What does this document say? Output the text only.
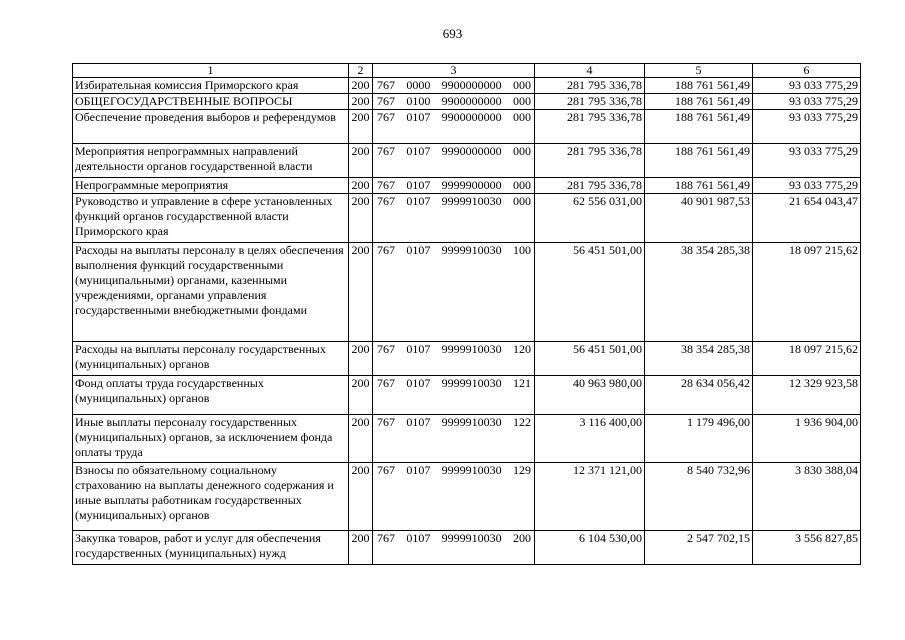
693
1	2	3	4	5	6
Избирательная комиссия Приморского края	200	767 0000 9900000000 000	281 795 336,78	188 761 561,49	93 033 775,29
ОБЩЕГОСУДАРСТВЕННЫЕ ВОПРОСЫ	200	767 0100 9900000000 000	281 795 336,78	188 761 561,49	93 033 775,29
Обеспечение проведения выборов и референдумов	200	767 0107 9900000000 000	281 795 336,78	188 761 561,49	93 033 775,29
Мероприятия непрограммных направлений деятельности органов государственной власти	200	767 0107 9990000000 000	281 795 336,78	188 761 561,49	93 033 775,29
Непрограммные мероприятия	200	767 0107 9999900000 000	281 795 336,78	188 761 561,49	93 033 775,29
Руководство и управление в сфере установленных функций органов государственной власти Приморского края	200	767 0107 9999910030 000	62 556 031,00	40 901 987,53	21 654 043,47
Расходы на выплаты персоналу в целях обеспечения выполнения функций государственными (муниципальными) органами, казенными учреждениями, органами управления государственными внебюджетными фондами	200	767 0107 9999910030 100	56 451 501,00	38 354 285,38	18 097 215,62
Расходы на выплаты персоналу государственных (муниципальных) органов	200	767 0107 9999910030 120	56 451 501,00	38 354 285,38	18 097 215,62
Фонд оплаты труда государственных (муниципальных) органов	200	767 0107 9999910030 121	40 963 980,00	28 634 056,42	12 329 923,58
Иные выплаты персоналу государственных (муниципальных) органов, за исключением фонда оплаты труда	200	767 0107 9999910030 122	3 116 400,00	1 179 496,00	1 936 904,00
Взносы по обязательному социальному страхованию на выплаты денежного содержания и иные выплаты работникам государственных (муниципальных) органов	200	767 0107 9999910030 129	12 371 121,00	8 540 732,96	3 830 388,04
Закупка товаров, работ и услуг для обеспечения государственных (муниципальных) нужд	200	767 0107 9999910030 200	6 104 530,00	2 547 702,15	3 556 827,85
